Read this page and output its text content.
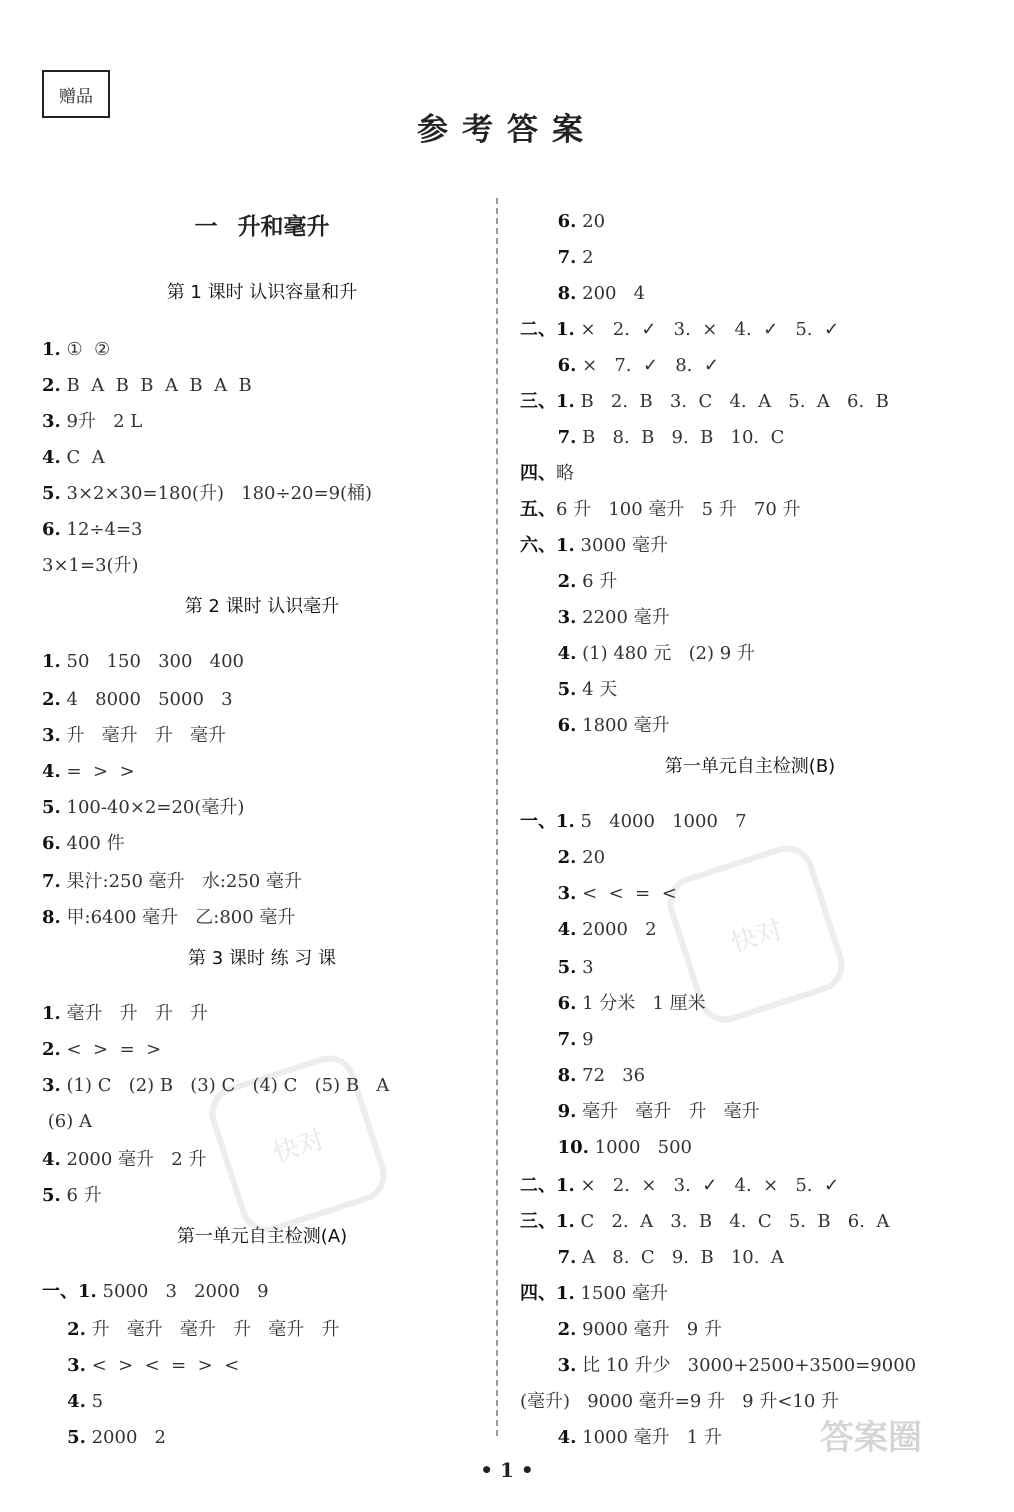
赠品
参考答案
快对
快对
答案圈
一 升和毫升
第 1 课时 认识容量和升
1. ①  ②
2. B  A  B  B  A  B  A  B
3. 9升   2 L
4. C  A
5. 3×2×30=180(升)   180÷20=9(桶)
6. 12÷4=3
3×1=3(升)
第 2 课时 认识毫升
1. 50   150   300   400
2. 4   8000   5000   3
3. 升   毫升   升   毫升
4. =  >  >
5. 100-40×2=20(毫升)
6. 400 件
7. 果汁:250 毫升   水:250 毫升
8. 甲:6400 毫升   乙:800 毫升
第 3 课时 练 习 课
1. 毫升   升   升   升
2. <  >  =  >
3. (1) C   (2) B   (3) C   (4) C   (5) B   A
(6) A
4. 2000 毫升   2 升
5. 6 升
第一单元自主检测(A)
一、1. 5000   3   2000   9
2. 升   毫升   毫升   升   毫升   升
3. <  >  <  =  >  <
4. 5
5. 2000   2
6. 20
7. 2
8. 200   4
二、1. ×   2.  ✓   3.  ×   4.  ✓   5.  ✓
6. ×   7.  ✓   8.  ✓
三、1. B   2.  B   3.  C   4.  A   5.  A   6.  B
7. B   8.  B   9.  B   10.  C
四、略
五、6 升   100 毫升   5 升   70 升
六、1. 3000 毫升
2. 6 升
3. 2200 毫升
4. (1) 480 元   (2) 9 升
5. 4 天
6. 1800 毫升
第一单元自主检测(B)
一、1. 5   4000   1000   7
2. 20
3. <  <  =  <
4. 2000   2
5. 3
6. 1 分米   1 厘米
7. 9
8. 72   36
9. 毫升   毫升   升   毫升
10. 1000   500
二、1. ×   2.  ×   3.  ✓   4.  ×   5.  ✓
三、1. C   2.  A   3.  B   4.  C   5.  B   6.  A
7. A   8.  C   9.  B   10.  A
四、1. 1500 毫升
2. 9000 毫升   9 升
3. 比 10 升少   3000+2500+3500=9000
(毫升)   9000 毫升=9 升   9 升<10 升
4. 1000 毫升   1 升
• 1 •
